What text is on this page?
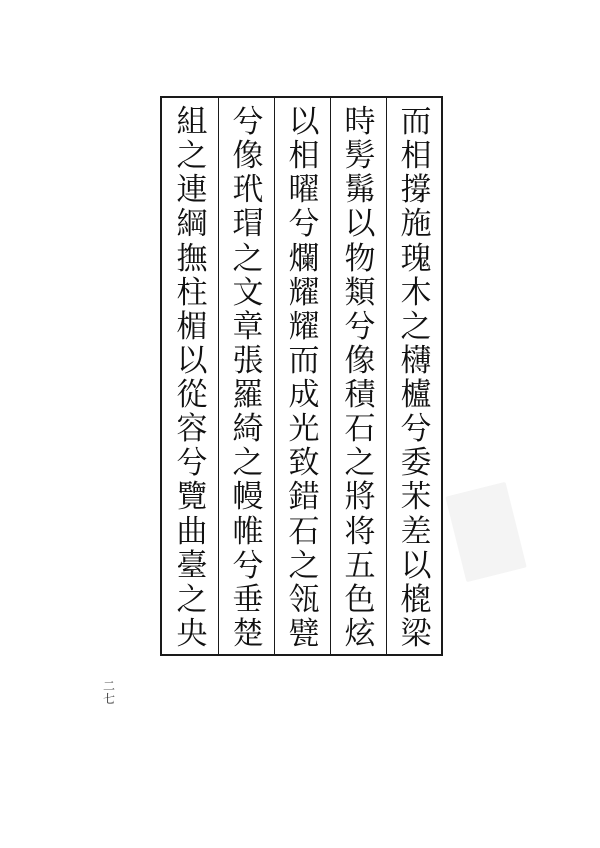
而
相
撐
施
瑰
木
之
欂
櫨
兮
委
㭉
差
以
㮰
梁
時
髣
髴
以
物
類
兮
像
積
石
之
將
将
五
色
炫
以
相
曜
兮
爛
耀
耀
而
成
光
致
錯
石
之
瓴
甓
兮
像
玳
瑁
之
文
章
張
羅
綺
之
幔
帷
兮
垂
楚
組
之
連
綱
撫
柱
楣
以
從
容
兮
覽
曲
臺
之
央
二
七
